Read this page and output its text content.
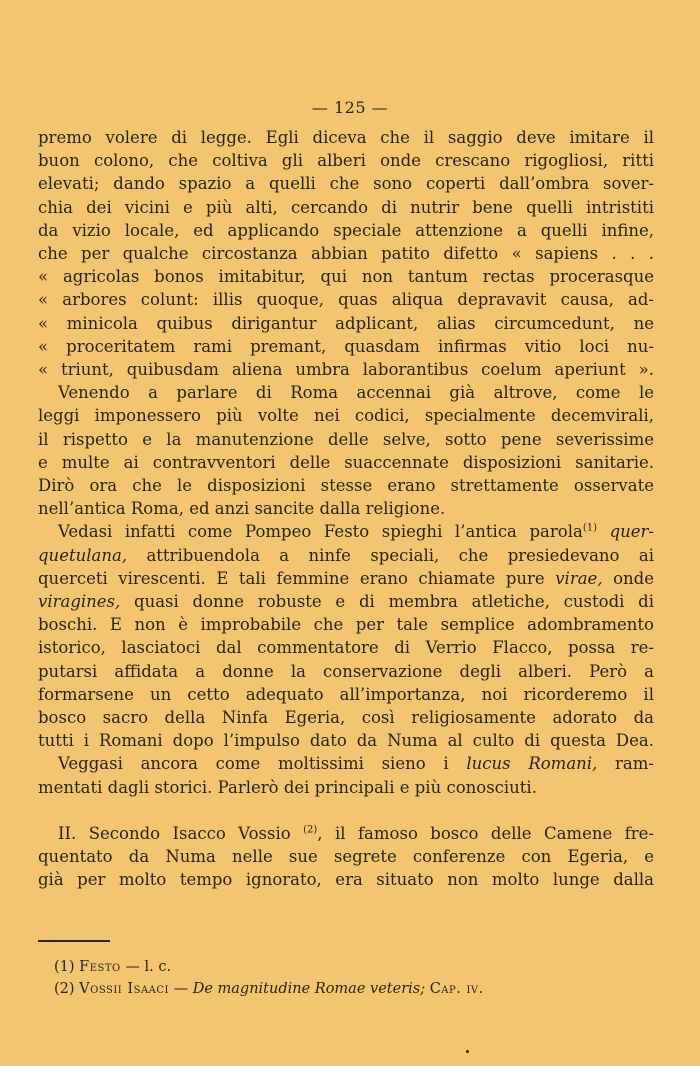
— 125 —
premo volere di legge. Egli diceva che il saggio deve imitare il
buon colono, che coltiva gli alberi onde crescano rigogliosi, ritti
elevati; dando spazio a quelli che sono coperti dall’ombra sover-
chia dei vicini e più alti, cercando di nutrir bene quelli intristiti
da vizio locale, ed applicando speciale attenzione a quelli infine,
che per qualche circostanza abbian patito difetto « sapiens . . .
« agricolas bonos imitabitur, qui non tantum rectas procerasque
« arbores colunt: illis quoque, quas aliqua depravavit causa, ad-
« minicola quibus dirigantur adplicant, alias circumcedunt, ne
« proceritatem rami premant, quasdam infirmas vitio loci nu-
« triunt, quibusdam aliena umbra laborantibus coelum aperiunt ».
Venendo a parlare di Roma accennai già altrove, come le
leggi imponessero più volte nei codici, specialmente decemvirali,
il rispetto e la manutenzione delle selve, sotto pene severissime
e multe ai contravventori delle suaccennate disposizioni sanitarie.
Dirò ora che le disposizioni stesse erano strettamente osservate
nell’antica Roma, ed anzi sancite dalla religione.
Vedasi infatti come Pompeo Festo spieghi l’antica parola$^{(1)}$ quer-
quetulana, attribuendola a ninfe speciali, che presiedevano ai
querceti virescenti. E tali femmine erano chiamate pure virae, onde
viragines, quasi donne robuste e di membra atletiche, custodi di
boschi. E non è improbabile che per tale semplice adombramento
istorico, lasciatoci dal commentatore di Verrio Flacco, possa re-
putarsi affidata a donne la conservazione degli alberi. Però a
formarsene un cetto adequato all’importanza, noi ricorderemo il
bosco sacro della Ninfa Egeria, così religiosamente adorato da
tutti i Romani dopo l’impulso dato da Numa al culto di questa Dea.
Veggasi ancora come moltissimi sieno i lucus Romani, ram-
mentati dagli storici. Parlerò dei principali e più conosciuti.
II. Secondo Isacco Vossio $^{(2)}$, il famoso bosco delle Camene fre-
quentato da Numa nelle sue segrete conferenze con Egeria, e
già per molto tempo ignorato, era situato non molto lunge dalla
(1) Festo — l. c.
(2) Vossii Isaaci — De magnitudine Romae veteris; Cap. iv.
